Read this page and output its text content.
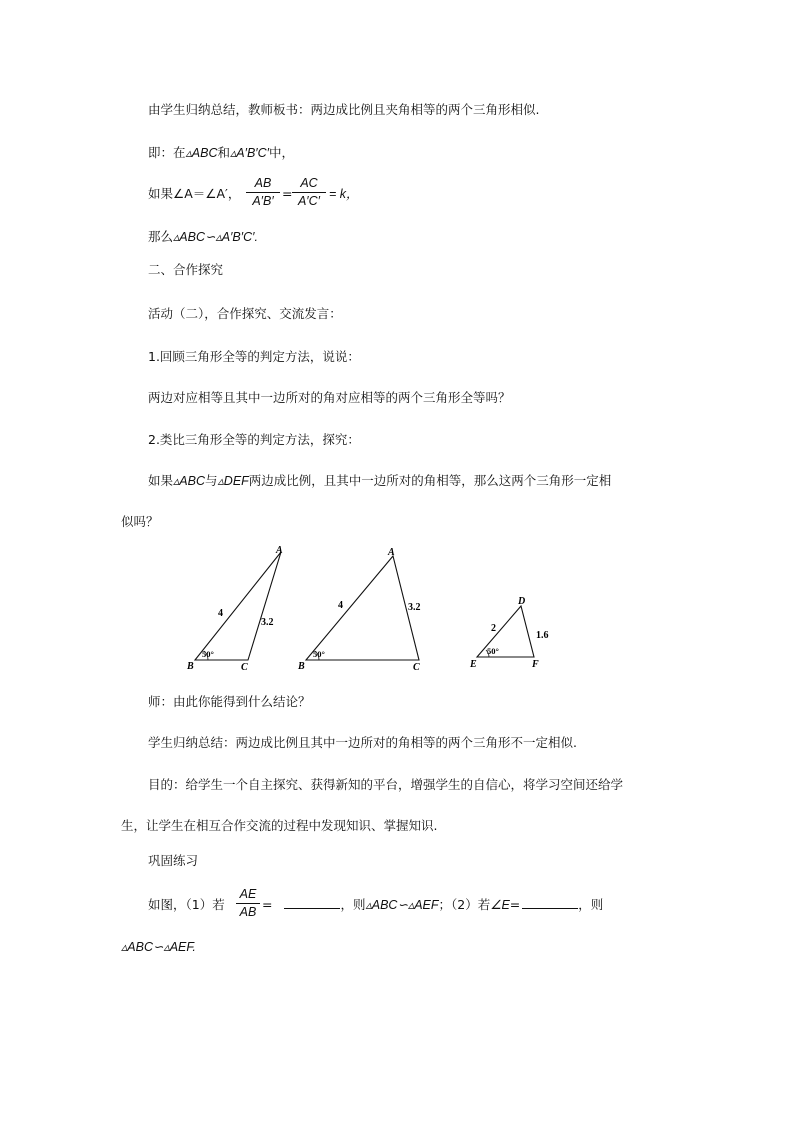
由学生归纳总结，教师板书：两边成比例且夹角相等的两个三角形相似.
即：在▵ABC和▵A′B′C′中，
如果∠A＝∠A′，
AB
A′B′ =
AC
A′C′ = k，
那么▵ABC∽▵A′B′C′.
二、合作探究
活动（二），合作探究、交流发言：
1.回顾三角形全等的判定方法，说说：
两边对应相等且其中一边所对的角对应相等的两个三角形全等吗？
2.类比三角形全等的判定方法，探究：
如果▵ABC与▵DEF两边成比例，且其中一边所对的角相等，那么这两个三角形一定相
似吗？
A
B	C
4
3.2
50°
A
B	C
4	3.2
50°
D
E	F
2
1.6
50°
师：由此你能得到什么结论？
学生归纳总结：两边成比例且其中一边所对的角相等的两个三角形不一定相似.
目的：给学生一个自主探究、获得新知的平台，增强学生的自信心，将学习空间还给学
生，让学生在相互合作交流的过程中发现知识、掌握知识.
巩固练习
如图，（1）若
AE
AB =	，则▵ABC∽▵AEF；（2）若∠E=	，则
▵ABC∽▵AEF.
